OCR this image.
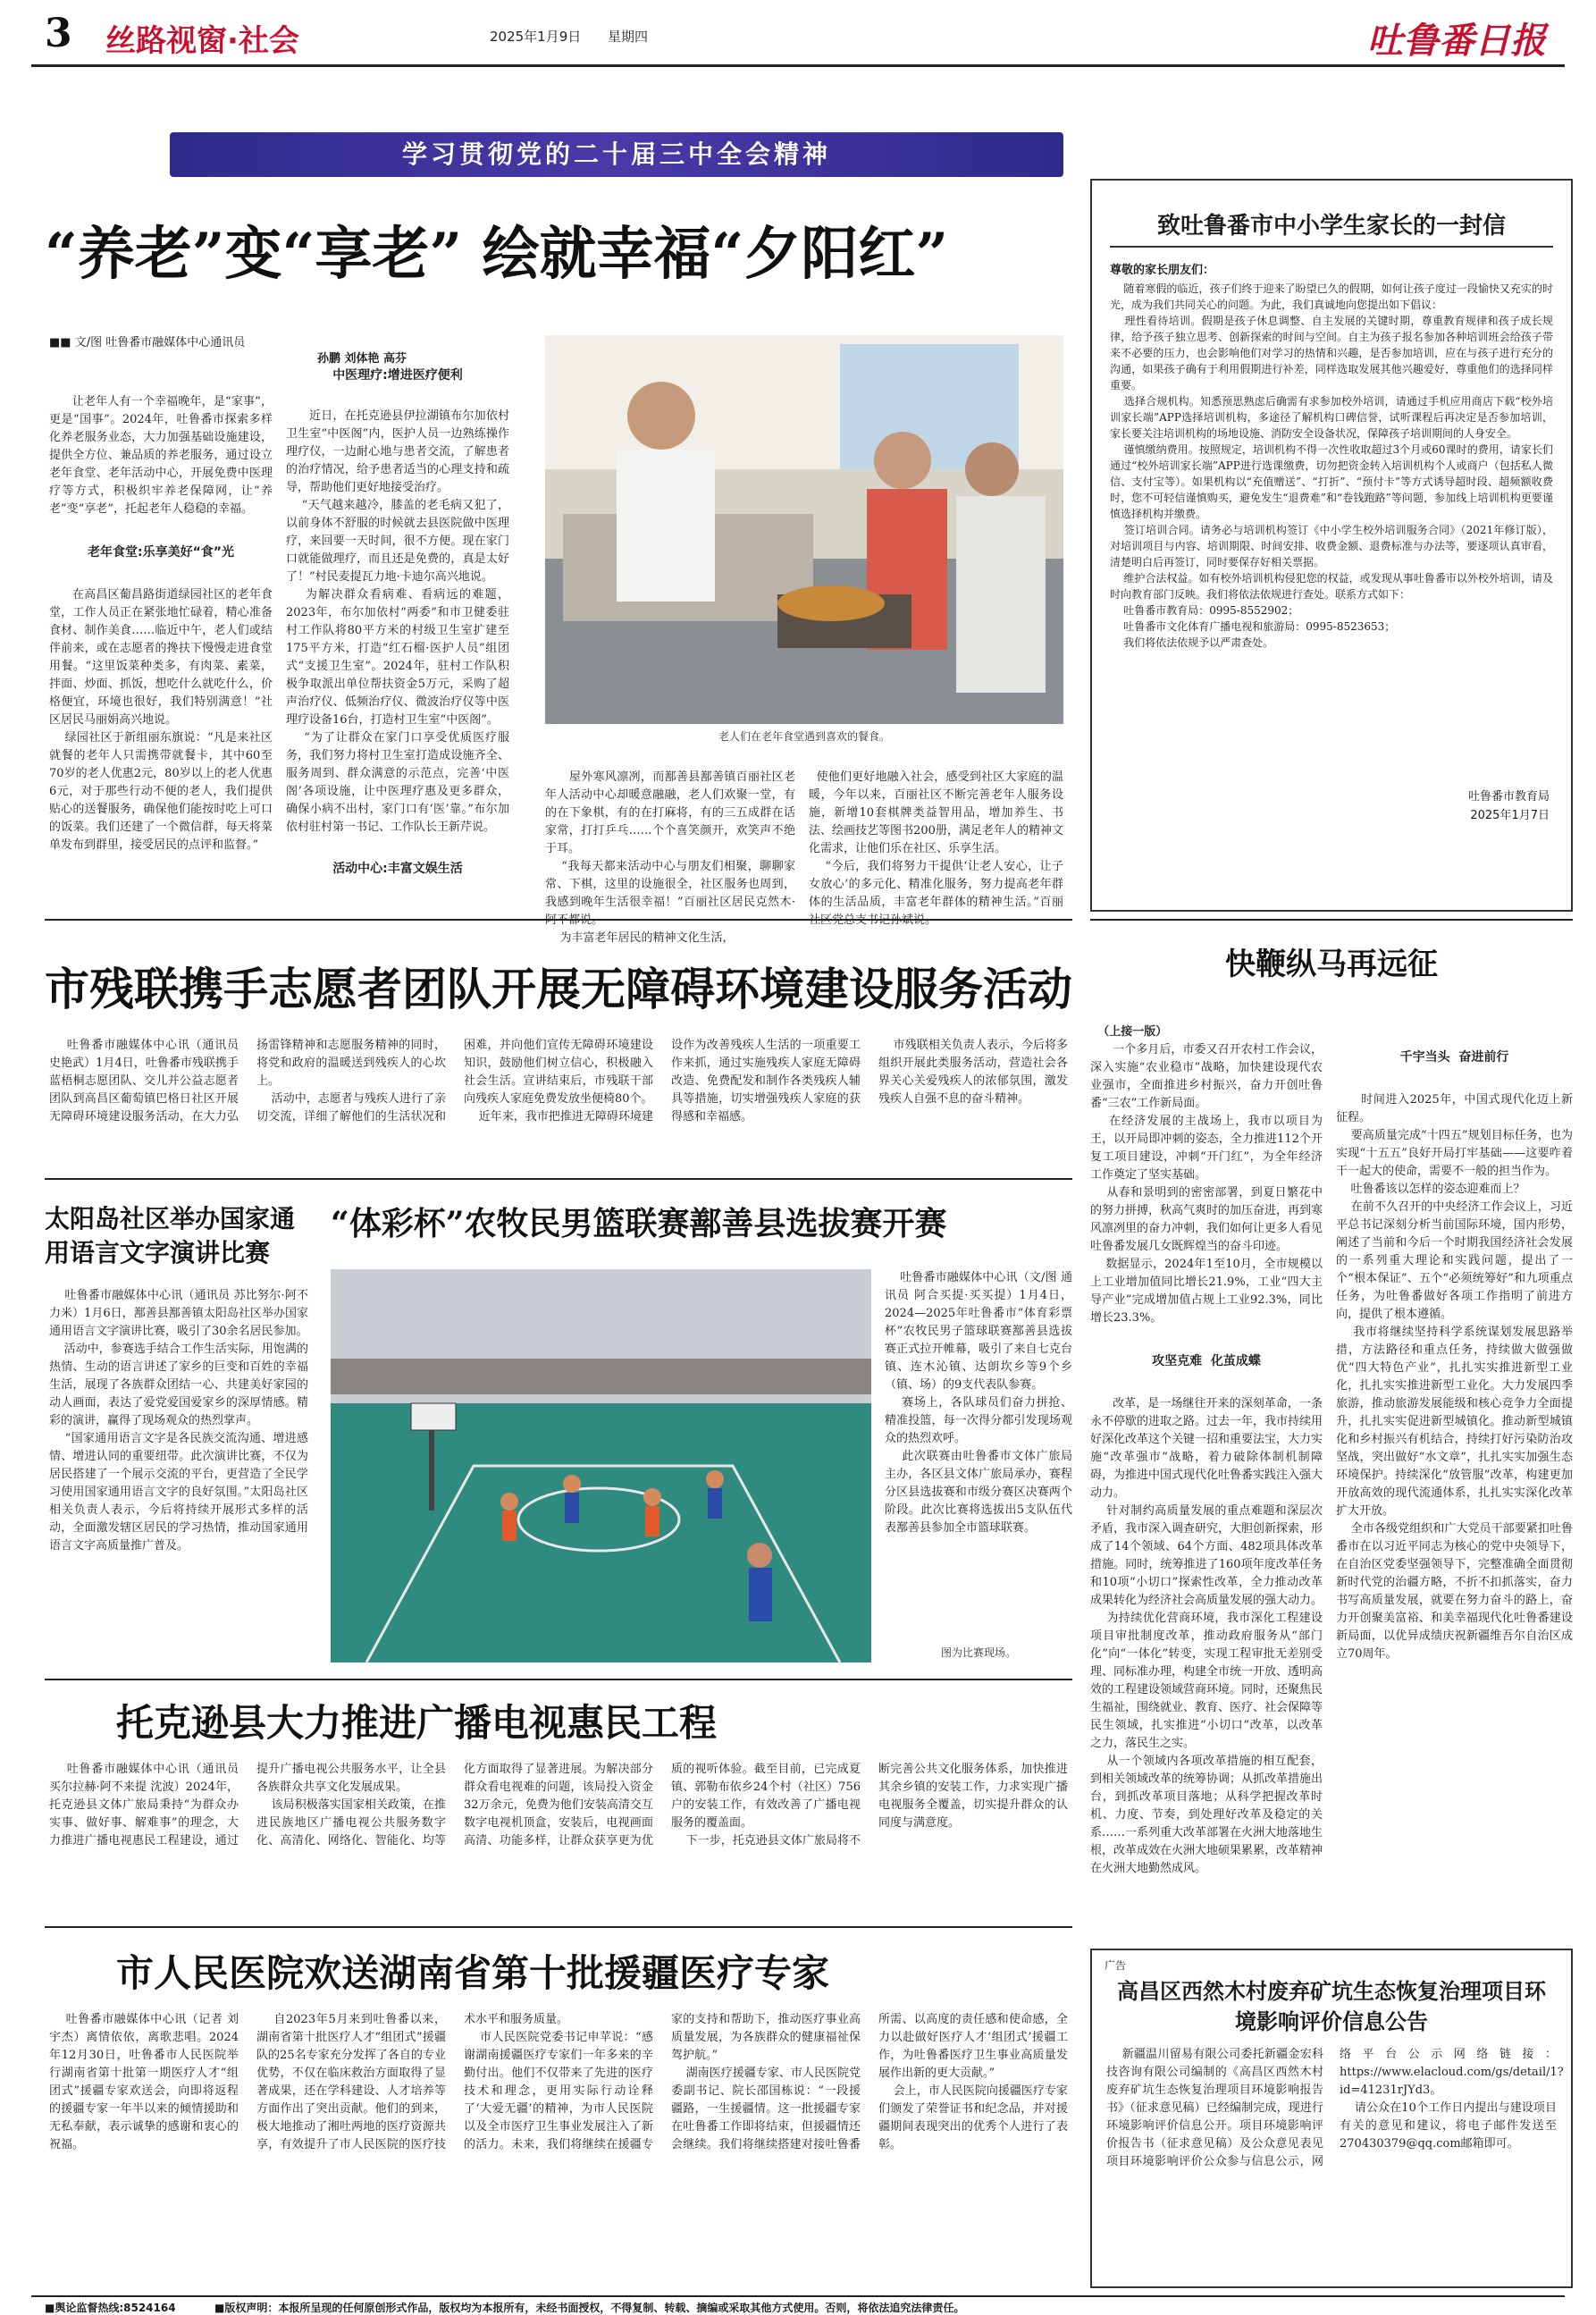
3 丝路视窗·社会	2025年1月9日 星期四	吐鲁番日报
学习贯彻党的二十届三中全会精神
“养老”变“享老” 绘就幸福“夕阳红”
■■ 文/图 吐鲁番市融媒体中心通讯员
孙鹏 刘体艳 高芬

让老年人有一个幸福晚年，是“家事”，更是“国事”。2024年，吐鲁番市探索多样化养老服务业态，大力加强基础设施建设，提供全方位、兼品质的养老服务，通过设立老年食堂、老年活动中心，开展免费中医理疗等方式，积极织牢养老保障网，让“养老”变“享老”，托起老年人稳稳的幸福。

老年食堂:乐享美好“食”光

在高昌区葡昌路街道绿园社区的老年食堂，工作人员正在紧张地忙碌着，精心准备食材、制作美食……临近中午，老人们或结伴前来，或在志愿者的搀扶下慢慢走进食堂用餐。“这里饭菜种类多，有肉菜、素菜，拌面、炒面、抓饭，想吃什么就吃什么，价格便宜，环境也很好，我们特别满意！”社区居民马丽娟高兴地说。
绿园社区于新组丽东旗说：“凡是来社区就餐的老年人只需携带就餐卡，其中60至70岁的老人优惠2元，80岁以上的老人优惠6元，对于那些行动不便的老人，我们提供贴心的送餐服务，确保他们能按时吃上可口的饭菜。我们还建了一个微信群，每天将菜单发布到群里，接受居民的点评和监督。”

中医理疗:增进医疗便利

近日，在托克逊县伊拉湖镇布尔加依村卫生室“中医阁”内，医护人员一边熟练操作理疗仪，一边耐心地与患者交流，了解患者的治疗情况，给予患者适当的心理支持和疏导，帮助他们更好地接受治疗。
“天气越来越冷，膝盖的老毛病又犯了，以前身体不舒服的时候就去县医院做中医理疗，来回要一天时间，很不方便。现在家门口就能做理疗，而且还是免费的，真是太好了！”村民麦提瓦力地·卡迪尔高兴地说。
为解决群众看病难、看病远的难题，2023年，布尔加依村“两委”和市卫健委驻村工作队将80平方米的村级卫生室扩建至175平方米，打造“红石榴·医护人员”组团式“支援卫生室”。2024年，驻村工作队积极争取派出单位帮扶资金5万元，采购了超声治疗仪、低频治疗仪、微波治疗仪等中医理疗设备16台，打造村卫生室“中医阁”。
“为了让群众在家门口享受优质医疗服务，我们努力将村卫生室打造成设施齐全、服务周到、群众满意的示范点，完善‘中医阁’各项设施，让中医理疗惠及更多群众，确保小病不出村，家门口有‘医’靠。”布尔加依村驻村第一书记、工作队长王新芹说。

活动中心:丰富文娱生活

老人们在老年食堂遇到喜欢的餐食。

屋外寒风凛冽，而鄯善县鄯善镇百丽社区老年人活动中心却暖意融融，老人们欢聚一堂，有的在下象棋，有的在打麻将，有的三五成群在话家常，打打乒乓……个个喜笑颜开，欢笑声不绝于耳。
“我每天都来活动中心与朋友们相聚，聊聊家常、下棋，这里的设施很全，社区服务也周到，我感到晚年生活很幸福！”百丽社区居民克然木·
为丰富老年居民的精神文化生活，

使他们更好地融入社会，感受到社区大家庭的温暖，今年以来，百丽社区不断完善老年人服务设施，新增10套棋牌类益智用品，增加养生、书法、绘画技艺等图书200册，满足老年人的精神文化需求，让他们乐在社区、乐享生活。
“今后，我们将努力干提供‘让老人安心，让子女放心’的多元化、精准化服务，努力提高老年群体的生活品质，丰富老年群体的精神生活。”百丽

致吐鲁番市中小学生家长的一封信
尊敬的家长朋友们：
随着寒假的临近，孩子们终于迎来了盼望已久的假期，如何让孩子度过一段愉快又充实的时光，成为我们共同关心的问题。为此，我们真诚地向您提出如下倡议：
理性看待培训。假期是孩子休息调整、自主发展的关键时期，尊重教育规律和孩子成长规律，给予孩子独立思考、创新探索的时间与空间。自主为孩子报名参加各种培训班会给孩子带来不必要的压力，也会影响他们对学习的热情和兴趣，是否参加培训，应在与孩子进行充分的沟通，如果孩子确有于利用假期进行补差，同样选取发展其他兴趣爱好，尊重他们的选择同样重要。
选择合规机构。知悉预思熟虑后确需有求参加校外培训，请通过手机应用商店下载“校外培训家长端”APP选择培训机构，多途径了解机构口碑信誉，试听课程后再决定是否参加培训，家长要关注培训机构的场地设施、消防安全设备状况，保障孩子培训期间的人身安全。
谨慎缴纳费用。按照规定，培训机构不得一次性收取超过3个月或60课时的费用，请家长们通过“校外培训家长端”APP进行选课缴费，切勿把资金转入培训机构个人或商户（包括私人微信、支付宝等）。如果机构以“充值赠送”、“打折”、“预付卡”等方式诱导超时段、超频额收费时，您不可轻信谨慎购买，避免发生“退费难”和“卷钱跑路”等问题，参加线上培训机构更要谨慎选择机构并缴费。
签订培训合同。请务必与培训机构签订《中小学生校外培训服务合同》（2021年修订版），对培训项目与内容、培训期限、时间安排、收费金额、退费标准与办法等，要逐项认真审看，清楚明白后再签订，同时要保存好相关票据。
维护合法权益。如有校外培训机构侵犯您的权益，或发现从事吐鲁番市以外校外培训，请及时向教育部门反映。我们将依法依规进行查处。联系方式如下：
吐鲁番市教育局：0995-8552902；
吐鲁番市文化体育广播电视和旅游局：0995-8523653；
我们将依法依规予以严肃查处。
吐鲁番市教育局
2025年1月7日
市残联携手志愿者团队开展无障碍环境建设服务活动
吐鲁番市融媒体中心讯（通讯员 史艳武）1月4日，吐鲁番市残联携手蓝梧桐志愿团队、交儿并公益志愿者团队到高昌区葡萄镇巴格日社区开展无障碍环境建设服务活动，在大力弘扬雷锋精神和志愿服务精神的同时，将党和政府的温暖送到残疾人的心坎上。
活动中，志愿者与残疾人进行了亲切交流，详细了解他们的生活状况和困难，并向他们宣传无障碍环境建设知识，鼓励他们树立信心，积极融入社会生活。宣讲结束后，市残联干部向残疾人家庭免费发放坐便椅80个。
近年来，我市把推进无障碍环境建设作为改善残疾人生活的一项重要工作来抓，通过实施残疾人家庭无障碍改造、免费配发和制作各类残疾人辅具等措施，切实增强残疾人家庭的获得感和幸福感。
市残联相关负责人表示，今后将多组织开展此类服务活动，营造社会各界关心关爱残疾人的浓郁氛围，激发残疾人自强不息的奋斗精神。
太阳岛社区举办国家通用语言文字演讲比赛
吐鲁番市融媒体中心讯（通讯员 苏比努尔·阿不力米）1月6日，鄯善县鄯善镇太阳岛社区举办国家通用语言文字演讲比赛，吸引了30余名居民参加。
活动中，参赛选手结合工作生活实际，用饱满的热情、生动的语言讲述了家乡的巨变和百姓的幸福生活，展现了各族群众团结一心、共建美好家园的动人画面，表达了爱党爱国爱家乡的深厚情感。精彩的演讲，赢得了现场观众的热烈掌声。
“国家通用语言文字是各民族交流沟通、增进感情、增进认同的重要纽带。此次演讲比赛，不仅为居民搭建了一个展示交流的平台，更营造了全民学习使用国家通用语言文字的良好氛围。”太阳岛社区相关负责人表示，今后将持续开展形式多样的活动，全面激发辖区居民的学习热情，推动国家通用语言文字高质量推广普及。
“体彩杯”农牧民男篮联赛鄯善县选拔赛开赛
图为比赛现场。
吐鲁番市融媒体中心讯（文/图 通讯员 阿合买提·买买提）1月4日，2024—2025年吐鲁番市“体育彩票杯”农牧民男子篮球联赛鄯善县选拔赛正式拉开帷幕，吸引了来自七克台镇、连木沁镇、达朗坎乡等9个乡（镇、场）的9支代表队参赛。
赛场上，各队球员们奋力拼抢、精准投篮，每一次得分都引发现场观众的热烈欢呼。
此次联赛由吐鲁番市文体广旅局主办，各区县文体广旅局承办，赛程分区县选拔赛和市级分赛区决赛两个阶段。此次比赛将选拔出5支队伍代表鄯善县参加全市篮球联赛。
托克逊县大力推进广播电视惠民工程
吐鲁番市融媒体中心讯（通讯员 买尔拉赫·阿不来提 沈波）2024年，托克逊县文体广旅局秉持“为群众办实事、做好事、解难事”的理念，大力推进广播电视惠民工程建设，通过提升广播电视公共服务水平，让全县各族群众共享文化发展成果。
该局积极落实国家相关政策，在推进民族地区广播电视公共服务数字化、高清化、网络化、智能化、均等化方面取得了显著进展。为解决部分群众看电视难的问题，该局投入资金32万余元，免费为他们安装高清交互数字电视机顶盒，安装后，电视画面高清、功能多样，让群众获享更为优质的视听体验。截至目前，已完成夏镇、郭勒布依乡24个村（社区）756户的安装工作，有效改善了广播电视服务的覆盖面。
下一步，托克逊县文体广旅局将不断完善公共文化服务体系，加快推进其余乡镇的安装工作，力求实现广播电视服务全覆盖，切实提升群众的认同度与满意度。
市人民医院欢送湖南省第十批援疆医疗专家
吐鲁番市融媒体中心讯（记者 刘宇杰）离情依依，离歌悲唱。2024年12月30日，吐鲁番市人民医院举行湖南省第十批第一期医疗人才“组团式”援疆专家欢送会，向即将返程的援疆专家一年半以来的倾情援助和无私奉献，表示诚挚的感谢和衷心的祝福。
自2023年5月来到吐鲁番以来，湖南省第十批医疗人才“组团式”援疆队的25名专家充分发挥了各自的专业优势，不仅在临床救治方面取得了显著成果，还在学科建设、人才培养等方面作出了突出贡献。他们的到来，极大地推动了湘吐两地的医疗资源共享，有效提升了市人民医院的医疗技术水平和服务质量。
市人民医院党委书记申苹说：“感谢湖南援疆医疗专家们一年多来的辛勤付出。他们不仅带来了先进的医疗技术和理念，更用实际行动诠释了‘大爱无疆’的精神，为市人民医院以及全市医疗卫生事业发展注入了新的活力。未来，我们将继续在援疆专家的支持和帮助下，推动医疗事业高质量发展，为各族群众的健康福祉保驾护航。”
湖南医疗援疆专家、市人民医院党委副书记、院长邵国栋说：“一段援疆路，一生援疆情。这一批援疆专家在吐鲁番工作即将结束，但援疆情还会继续。我们将继续搭建对接吐鲁番所需、以高度的责任感和使命感，全力以赴做好医疗人才‘组团式’援疆工作，为吐鲁番医疗卫生事业高质量发展作出新的更大贡献。”
会上，市人民医院向援疆医疗专家们颁发了荣誉证书和纪念品，并对援疆期间表现突出的优秀个人进行了表彰。
快鞭纵马再远征

（上接一版）
一个多月后，市委又召开农村工作会议，深入实施“农业稳市”战略，加快建设现代农业强市，全面推进乡村振兴，奋力开创吐鲁番“三农”工作新局面。
在经济发展的主战场上，我市以项目为王，以开局即冲刺的姿态，全力推进112个开复工项目建设，冲刺“开门红”，为全年经济工作奠定了坚实基础。
从春和景明到的密密部署，到夏日繁花中的努力拼搏，秋高气爽时的加压奋进，再到寒风凛冽里的奋力冲刺，我们如何让更多人看见吐鲁番发展几女既辉煌当的奋斗印迹。
数据显示，2024年1至10月，全市规模以上工业增加值同比增长21.9%，工业“四大主导产业”完成增加值占规上工业92.3%，同比增长23.3%。

攻坚克难  化茧成蝶

改革，是一场继往开来的深刻革命，一条永不停歇的进取之路。过去一年，我市持续用好深化改革这个关键一招和重要法宝，大力实施“改革强市”战略，着力破除体制机制障碍，为推进中国式现代化吐鲁番实践注入强大动力。
针对制约高质量发展的重点难题和深层次矛盾，我市深入调查研究，大胆创新探索，形成了14个领域、64个方面、482项具体改革措施。同时，统筹推进了160项年度改革任务和10项“小切口”探索性改革，全力推动改革成果转化为经济社会高质量发展的强大动力。
为持续优化营商环境，我市深化工程建设项目审批制度改革，推动政府服务从“部门化”向“一体化”转变，实现工程审批无差别受理、同标准办理，构建全市统一开放、透明高效的工程建设领域营商环境。同时，还聚焦民生福祉，围绕就业、教育、医疗、社会保障等民生领域，扎实推进“小切口”改革，以改革之力，落民生之实。
从一个领域内各项改革措施的相互配套，到相关领域改革的统筹协调；从抓改革措施出台，到抓改革项目落地；从科学把握改革时机、力度、节奏，到处理好改革及稳定的关系……一系列重大改革部署在火洲大地落地生根，改革成效在火洲大地硕果累累，改革精神在火洲大地勤然成风。

千宇当头  奋进前行

时间进入2025年，中国式现代化迈上新征程。
要高质量完成“十四五”规划目标任务，也为实现“十五五”良好开局打牢基础——这要咋着干一起大的使命，需要不一般的担当作为。
吐鲁番该以怎样的姿态迎难而上？
在前不久召开的中央经济工作会议上，习近平总书记深刻分析当前国际环境，国内形势，阐述了当前和今后一个时期我国经济社会发展的一系列重大理论和实践问题，提出了一个“根本保证”、五个“必须统筹好”和九项重点任务，为吐鲁番做好各项工作指明了前进方向，提供了根本遵循。
我市将继续坚持科学系统谋划发展思路举措，方法路径和重点任务，持续做大做强做优“四大特色产业”，扎扎实实推进新型工业化，扎扎实实推进新型工业化。大力发展四季旅游，推动旅游发展能级和核心竞争力全面提升，扎扎实实促进新型城镇化。推动新型城镇化和乡村振兴有机结合，持续打好污染防治攻坚战，突出做好“水文章”，扎扎实实加强生态环境保护。持续深化“放管服”改革，构建更加开放高效的现代流通体系，扎扎实实深化改革扩大开放。
全市各级党组织和广大党员干部要紧扣吐鲁番市在以习近平同志为核心的党中央领导下，在自治区党委坚强领导下，完整准确全面贯彻新时代党的治疆方略，不折不扣抓落实，奋力书写高质量发展，就要在努力奋斗的路上，奋力开创聚美富裕、和美幸福现代化吐鲁番建设新局面，以优异成绩庆祝新疆维吾尔自治区成立70周年。

广告
高昌区西然木村废弃矿坑生态恢复治理项目环境影响评价信息公告
新疆温川留易有限公司委托新疆金宏科技咨询有限公司编制的《高昌区西然木村废弃矿坑生态恢复治理项目环境影响报告书》（征求意见稿）已经编制完成，现进行环境影响评价信息公开。项目环境影响评价报告书（征求意见稿）及公众意见表见项目环境影响评价公众参与信息公示，网络平台公示网络链接：https://www.elacloud.com/gs/detail/1?id=41231rJYd3。
请公众在10个工作日内提出与建设项目有关的意见和建议，将电子邮件发送至270430379@qq.com邮箱即可。
■舆论监督热线:8524164	■版权声明：本报所呈现的任何原创形式作品，版权均为本报所有，未经书面授权，不得复制、转载、摘编或采取其他方式使用。否则，将依法追究法律责任。
